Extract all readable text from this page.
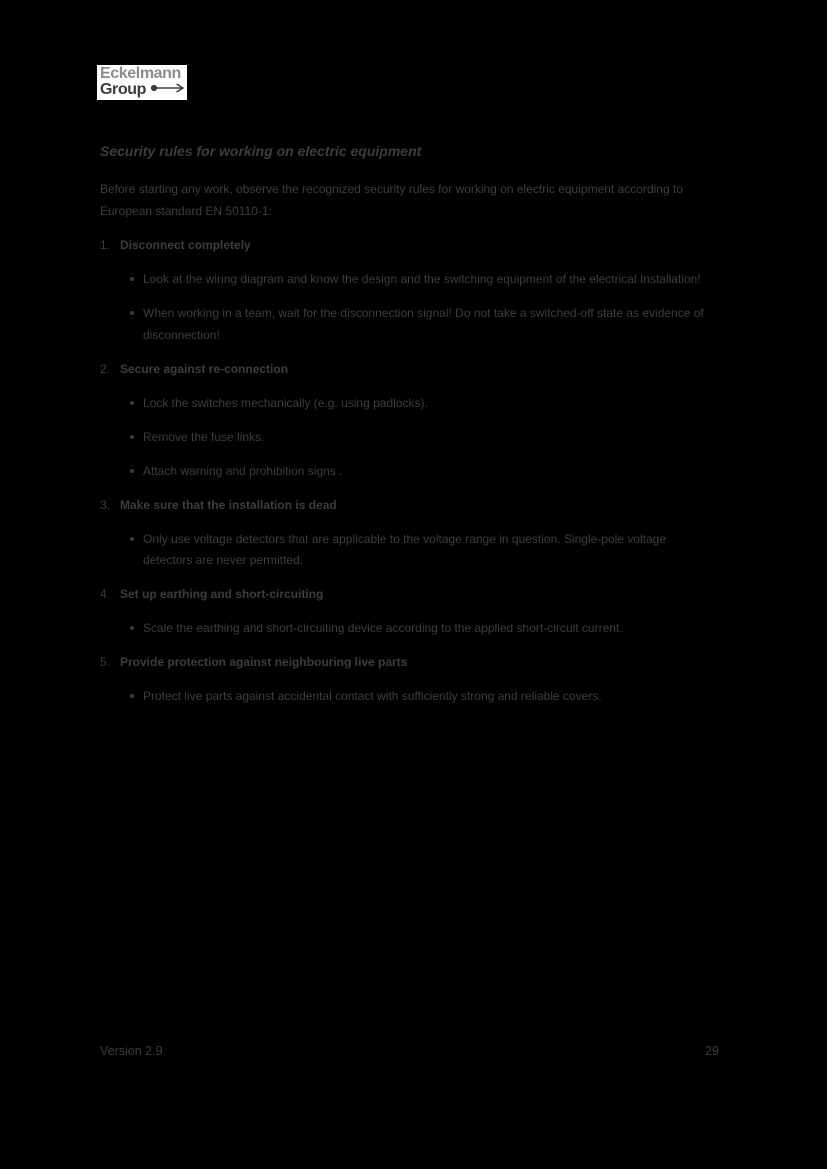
Eckelmann
Group
Security rules for working on electric equipment

Before starting any work, observe the recognized security rules for working on electric equipment according to European standard EN 50110-1:

1. Disconnect completely
Look at the wiring diagram and know the design and the switching equipment of the electrical Installation!
When working in a team, wait for the disconnection signal! Do not take a switched-off state as evidence of disconnection!
2. Secure against re-connection
Lock the switches mechanically (e.g. using padlocks).
Remove the fuse links.
Attach warning and prohibition signs .
3. Make sure that the installation is dead
Only use voltage detectors that are applicable to the voltage range in question. Single-pole voltage detectors are never permitted.
4. Set up earthing and short-circuiting
Scale the earthing and short-circuiting device according to the applied short-circuit current.
5. Provide protection against neighbouring live parts
Protect live parts against accidental contact with sufficiently strong and reliable covers.
Version 2.9	29
